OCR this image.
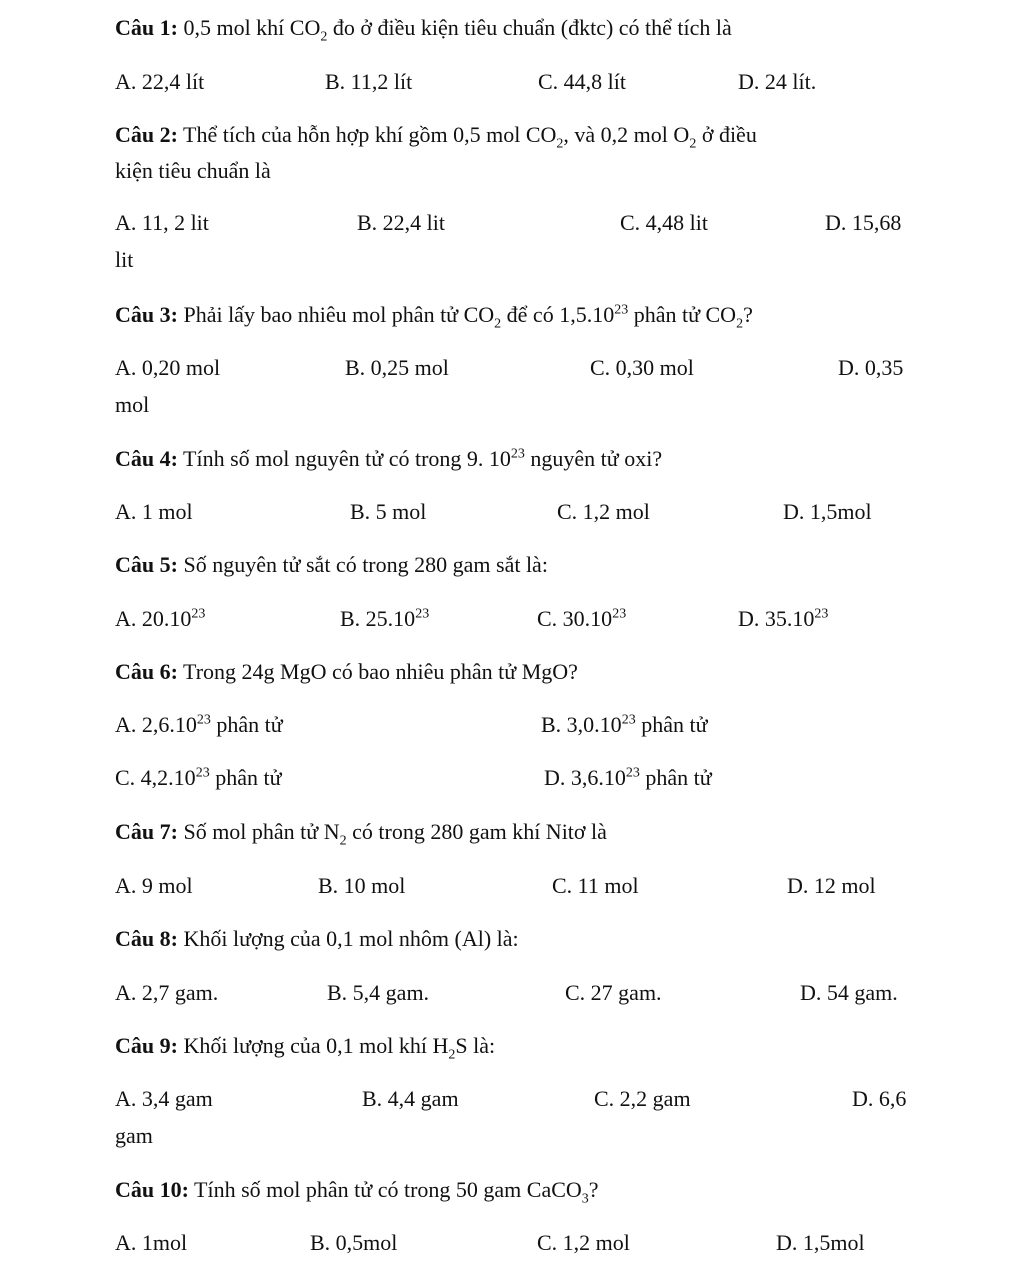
Câu 1: 0,5 mol khí $CO_2$ đo ở điều kiện tiêu chuẩn (đktc) có thể tích là
A. 22,4 lít	B. 11,2 lít	C. 44,8 lít	D. 24 lít.
Câu 2: Thể tích của hỗn hợp khí gồm 0,5 mol $CO_2$, và 0,2 mol $O_2$ ở điều
kiện tiêu chuẩn là
A. 11, 2 lit	B. 22,4 lit	C. 4,48 lit	D. 15,68
lit
Câu 3: Phải lấy bao nhiêu mol phân tử $CO_2$ để có 1,5.10$^{23}$ phân tử $CO_2$?
A. 0,20 mol	B. 0,25 mol	C. 0,30 mol	D. 0,35
mol
Câu 4: Tính số mol nguyên tử có trong 9. $10^{23}$ nguyên tử oxi?
A. 1 mol	B. 5 mol	C. 1,2 mol	D. 1,5mol
Câu 5: Số nguyên tử sắt có trong 280 gam sắt là:
A. 20.10$^{23}$	B. 25.10$^{23}$	C. 30.10$^{23}$	D. 35.10$^{23}$
Câu 6: Trong 24g MgO có bao nhiêu phân tử MgO?
A. 2,6.10$^{23}$ phân tử	B. 3,0.10$^{23}$ phân tử
C. 4,2.10$^{23}$ phân tử	D. 3,6.10$^{23}$ phân tử
Câu 7: Số mol phân tử $N_2$ có trong 280 gam khí Nitơ là
A. 9 mol	B. 10 mol	C. 11 mol	D. 12 mol
Câu 8: Khối lượng của 0,1 mol nhôm (Al) là:
A. 2,7 gam.	B. 5,4 gam.	C. 27 gam.	D. 54 gam.
Câu 9: Khối lượng của 0,1 mol khí $H_2S$ là:
A. 3,4 gam	B. 4,4 gam	C. 2,2 gam	D. 6,6
gam
Câu 10: Tính số mol phân tử có trong 50 gam CaCO$_3$?
A. 1mol	B. 0,5mol	C. 1,2 mol	D. 1,5mol
